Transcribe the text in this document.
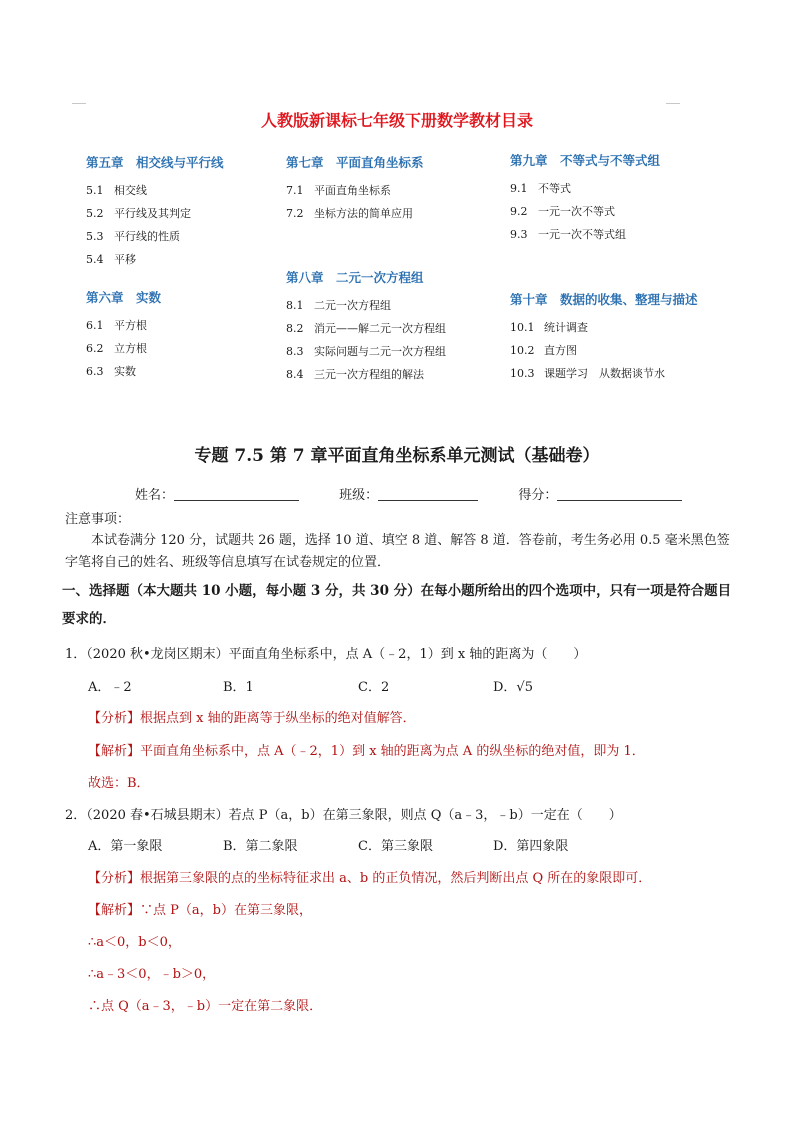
人教版新课标七年级下册数学教材目录
第五章　相交线与平行线
5.1 相交线
5.2 平行线及其判定
5.3 平行线的性质
5.4 平移
第六章　实数
6.1 平方根
6.2 立方根
6.3 实数
第七章　平面直角坐标系
7.1 平面直角坐标系
7.2 坐标方法的简单应用
第八章　二元一次方程组
8.1 二元一次方程组
8.2 消元——解二元一次方程组
8.3 实际问题与二元一次方程组
8.4 三元一次方程组的解法
第九章　不等式与不等式组
9.1 不等式
9.2 一元一次不等式
9.3 一元一次不等式组
第十章　数据的收集、整理与描述
10.1 统计调查
10.2 直方图
10.3 课题学习　从数据谈节水
专题 7.5 第 7 章平面直角坐标系单元测试（基础卷）
姓名：	班级：	得分：
注意事项：
本试卷满分 120 分，试题共 26 题，选择 10 道、填空 8 道、解答 8 道．答卷前，考生务必用 0.5 毫米黑色签字笔将自己的姓名、班级等信息填写在试卷规定的位置．
一、选择题（本大题共 10 小题，每小题 3 分，共 30 分）在每小题所给出的四个选项中，只有一项是符合题目要求的．
1．（2020 秋•龙岗区期末）平面直角坐标系中，点 A（﹣2，1）到 x 轴的距离为（　　）
A．﹣2	B．1	C．2	D．√5
【分析】根据点到 x 轴的距离等于纵坐标的绝对值解答．
【解析】平面直角坐标系中，点 A（﹣2，1）到 x 轴的距离为点 A 的纵坐标的绝对值，即为 1．
故选：B．
2．（2020 春•石城县期末）若点 P（a，b）在第三象限，则点 Q（a﹣3，﹣b）一定在（　　）
A．第一象限	B．第二象限	C．第三象限	D．第四象限
【分析】根据第三象限的点的坐标特征求出 a、b 的正负情况，然后判断出点 Q 所在的象限即可．
【解析】∵点 P（a，b）在第三象限，
∴a＜0，b＜0，
∴a﹣3＜0，﹣b＞0，
∴点 Q（a﹣3，﹣b）一定在第二象限．
